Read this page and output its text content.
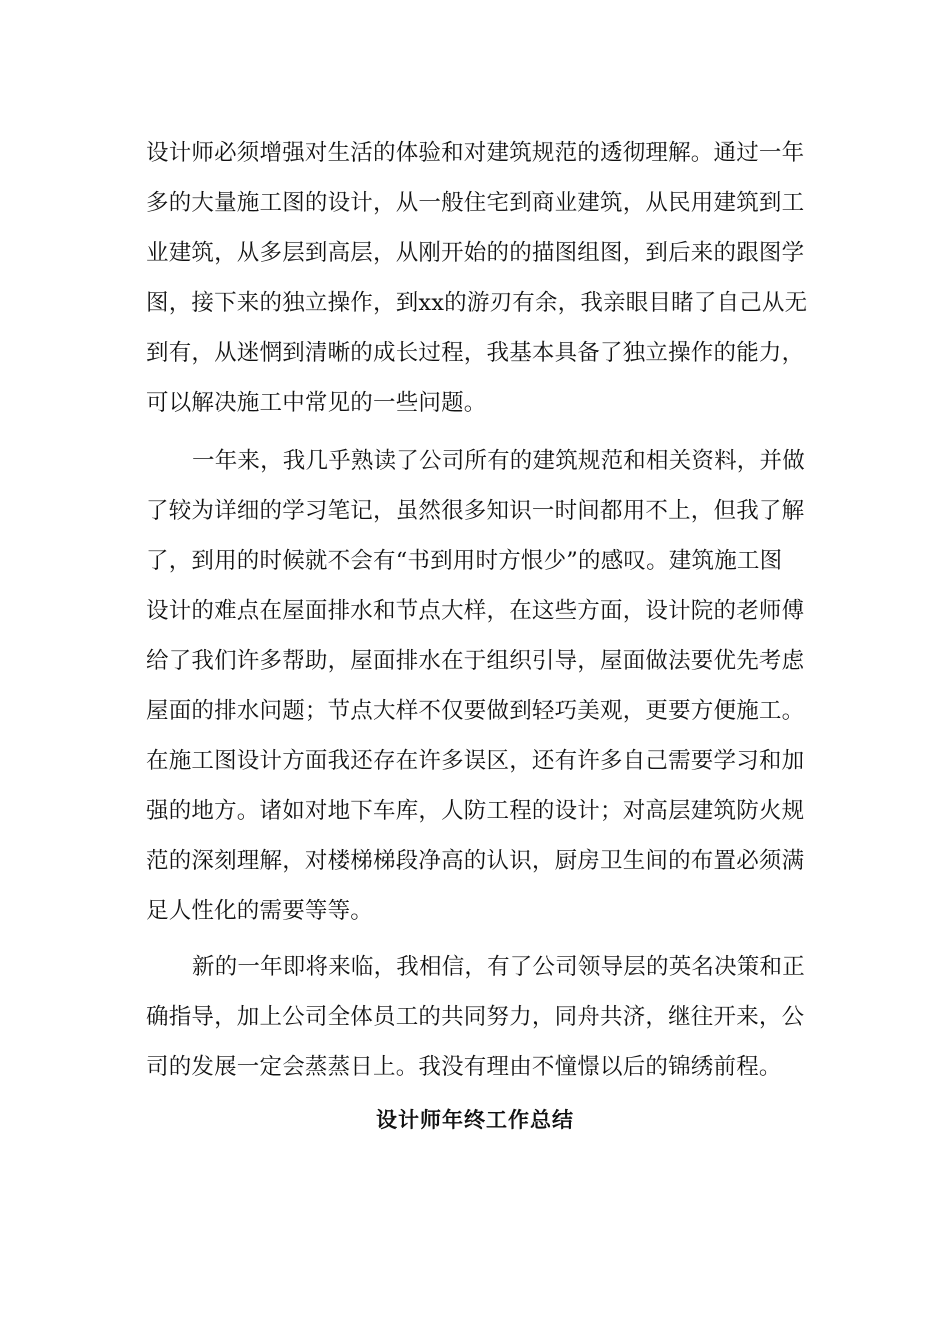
设计师必须增强对生活的体验和对建筑规范的透彻理解。通过一年
多的大量施工图的设计，从一般住宅到商业建筑，从民用建筑到工
业建筑，从多层到高层，从刚开始的的描图组图，到后来的跟图学
图，接下来的独立操作，到xx的游刃有余，我亲眼目睹了自己从无
到有，从迷惘到清晰的成长过程，我基本具备了独立操作的能力，
可以解决施工中常见的一些问题。

一年来，我几乎熟读了公司所有的建筑规范和相关资料，并做
了较为详细的学习笔记，虽然很多知识一时间都用不上，但我了解
了，到用的时候就不会有“书到用时方恨少”的感叹。建筑施工图
设计的难点在屋面排水和节点大样，在这些方面，设计院的老师傅
给了我们许多帮助，屋面排水在于组织引导，屋面做法要优先考虑
屋面的排水问题；节点大样不仅要做到轻巧美观，更要方便施工。
在施工图设计方面我还存在许多误区，还有许多自己需要学习和加
强的地方。诸如对地下车库，人防工程的设计；对高层建筑防火规
范的深刻理解，对楼梯梯段净高的认识，厨房卫生间的布置必须满
足人性化的需要等等。

新的一年即将来临，我相信，有了公司领导层的英名决策和正
确指导，加上公司全体员工的共同努力，同舟共济，继往开来，公
司的发展一定会蒸蒸日上。我没有理由不憧憬以后的锦绣前程。

设计师年终工作总结
